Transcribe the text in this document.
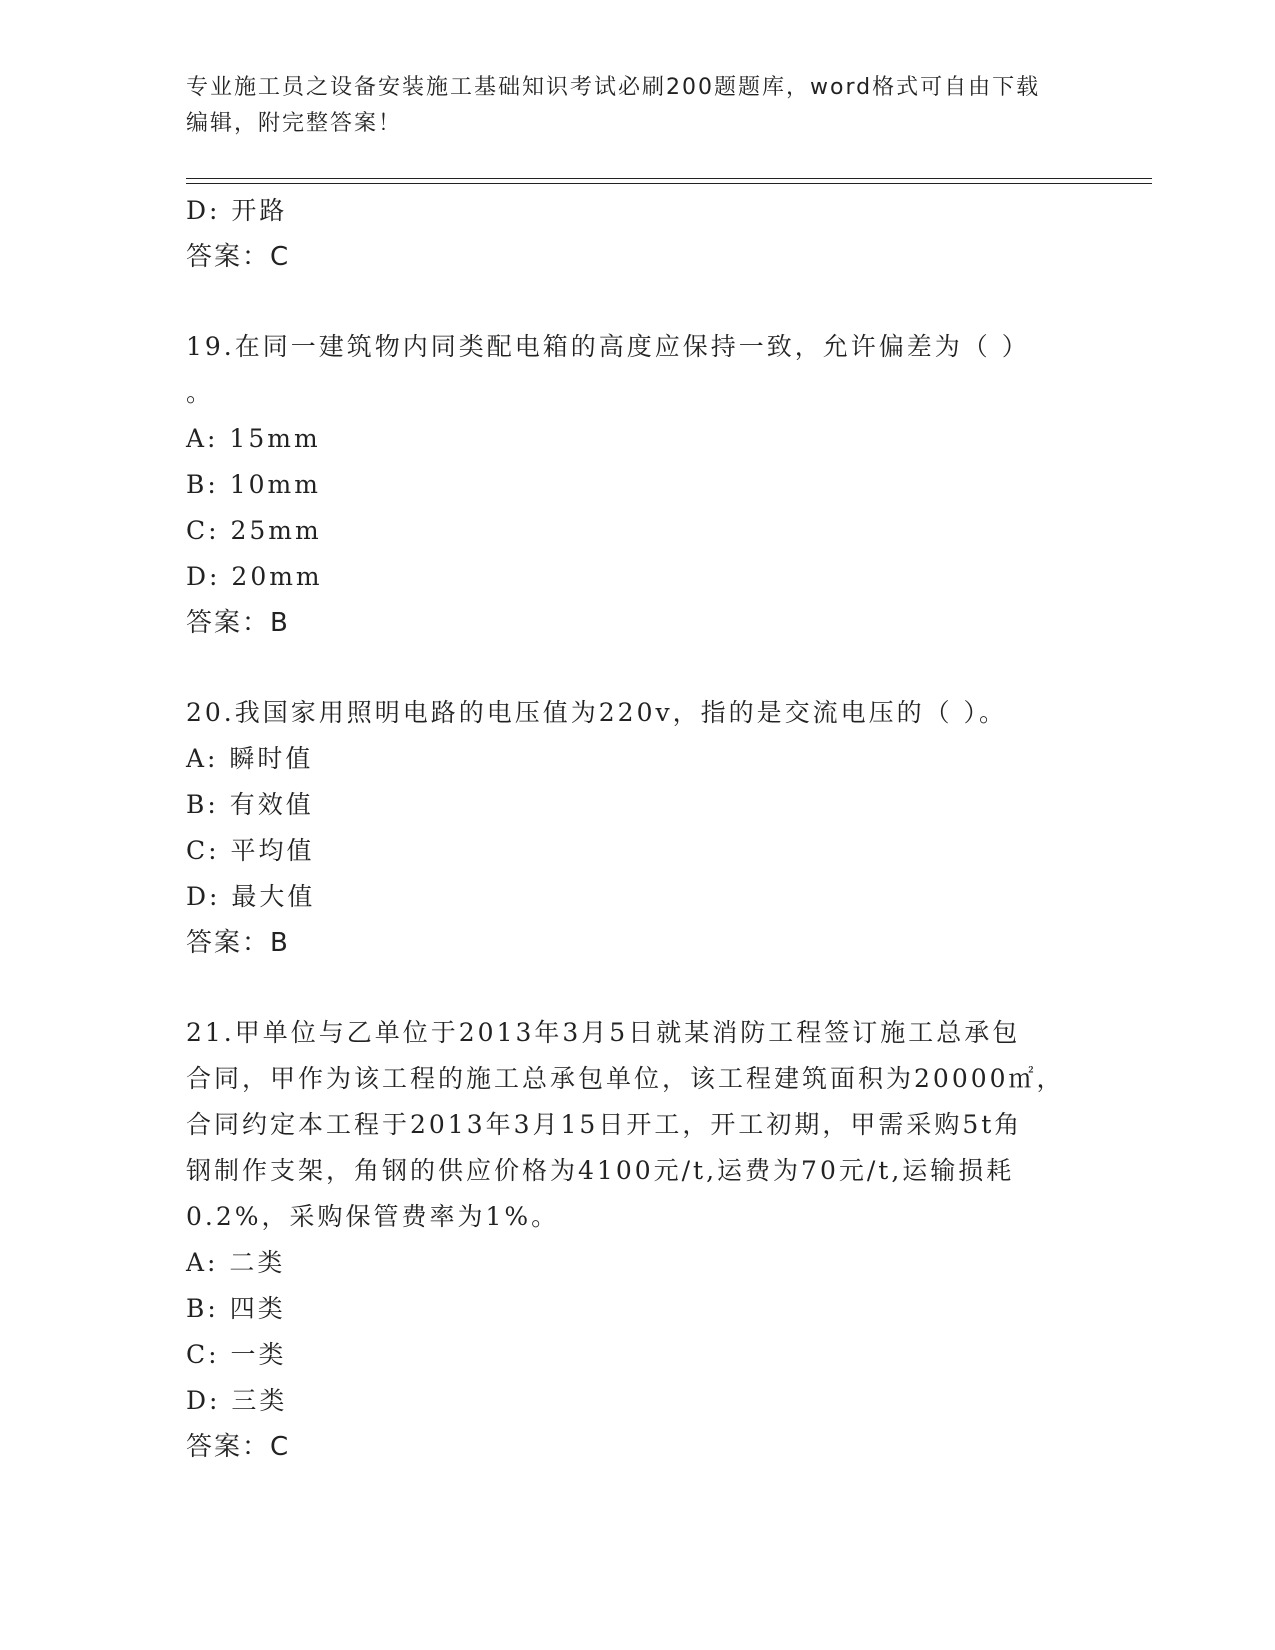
专业施工员之设备安装施工基础知识考试必刷200题题库，word格式可自由下载
编辑，附完整答案！
D: 开路
答案：C
19.在同一建筑物内同类配电箱的高度应保持一致，允许偏差为（ ）
。
A: 15mm
B: 10mm
C: 25mm
D: 20mm
答案：B
20.我国家用照明电路的电压值为220v，指的是交流电压的（ ）。
A: 瞬时值
B: 有效值
C: 平均值
D: 最大值
答案：B
21.甲单位与乙单位于2013年3月5日就某消防工程签订施工总承包
合同，甲作为该工程的施工总承包单位，该工程建筑面积为20000㎡，
合同约定本工程于2013年3月15日开工，开工初期，甲需采购5t角
钢制作支架，角钢的供应价格为4100元/t,运费为70元/t,运输损耗
0.2%，采购保管费率为1%。
A: 二类
B: 四类
C: 一类
D: 三类
答案：C
